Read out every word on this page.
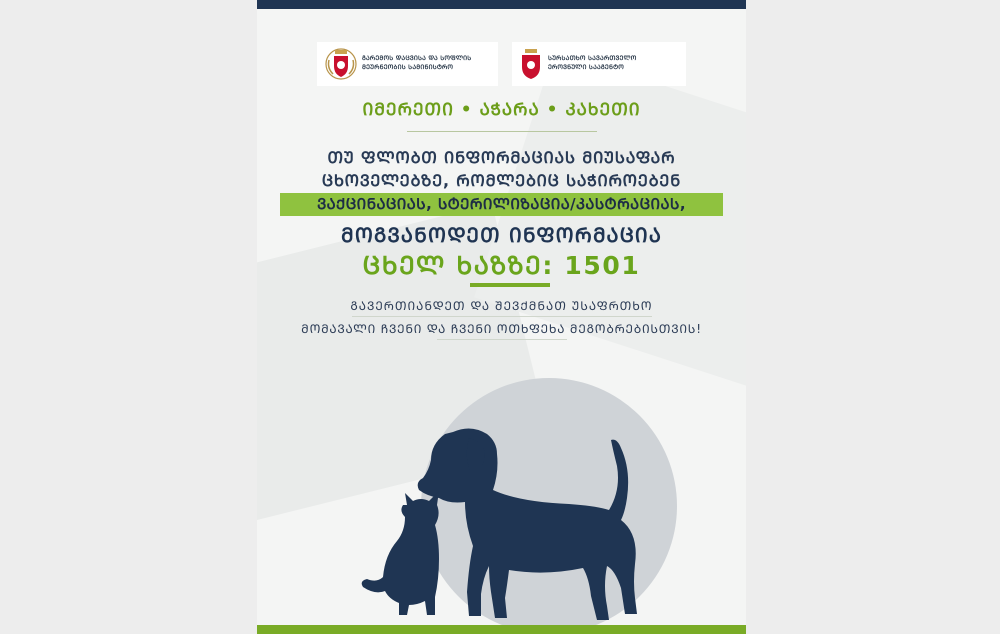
ᲒᲐᲠᲔᲛᲝᲡ ᲓᲐᲪᲕᲘᲡᲐ ᲓᲐ ᲡᲝᲤᲚᲘᲡ
ᲛᲔᲣᲠᲜᲔᲝᲑᲘᲡ ᲡᲐᲛᲘᲜᲘᲡᲢᲠᲝ
ᲡᲣᲠᲡᲐᲗᲮᲝ ᲡᲐᲕᲐᲠᲗᲕᲔᲚᲝ
ᲔᲠᲝᲕᲜᲣᲚᲘ ᲡᲐᲐᲒᲔᲜᲢᲝ
ᲘᲛᲔᲠᲔᲗᲘ • ᲐᲭᲐᲠᲐ • ᲙᲐᲮᲔᲗᲘ
ᲗᲣ ᲤᲚᲝᲑᲗ ᲘᲜᲤᲝᲠᲛᲐᲪᲘᲐᲡ ᲛᲘᲣᲡᲐᲤᲐᲠ
ᲪᲮᲝᲕᲔᲚᲔᲑᲖᲔ, ᲠᲝᲛᲚᲔᲑᲘᲪ ᲡᲐᲭᲘᲠᲝᲔᲑᲔᲜ
ᲕᲐᲥᲪᲘᲜᲐᲪᲘᲐᲡ, ᲡᲢᲔᲠᲘᲚᲘᲖᲐᲪᲘᲐ/ᲙᲐᲡᲢᲠᲐᲪᲘᲐᲡ,
ᲛᲝᲒᲕᲐᲜᲝᲓᲔᲗ ᲘᲜᲤᲝᲠᲛᲐᲪᲘᲐ
ᲪᲮᲔᲚ ᲮᲐᲖᲖᲔ: 1501
ᲒᲐᲕᲔᲠᲗᲘᲐᲜᲓᲔᲗ ᲓᲐ ᲨᲔᲕᲥᲛᲜᲐᲗ ᲣᲡᲐᲤᲠᲗᲮᲝ
ᲛᲝᲛᲐᲕᲐᲚᲘ ᲩᲕᲔᲜᲘ ᲓᲐ ᲩᲕᲔᲜᲘ ᲝᲗᲮᲤᲔᲮᲐ ᲛᲔᲒᲝᲑᲠᲔᲑᲘᲡᲗᲕᲘᲡ!
